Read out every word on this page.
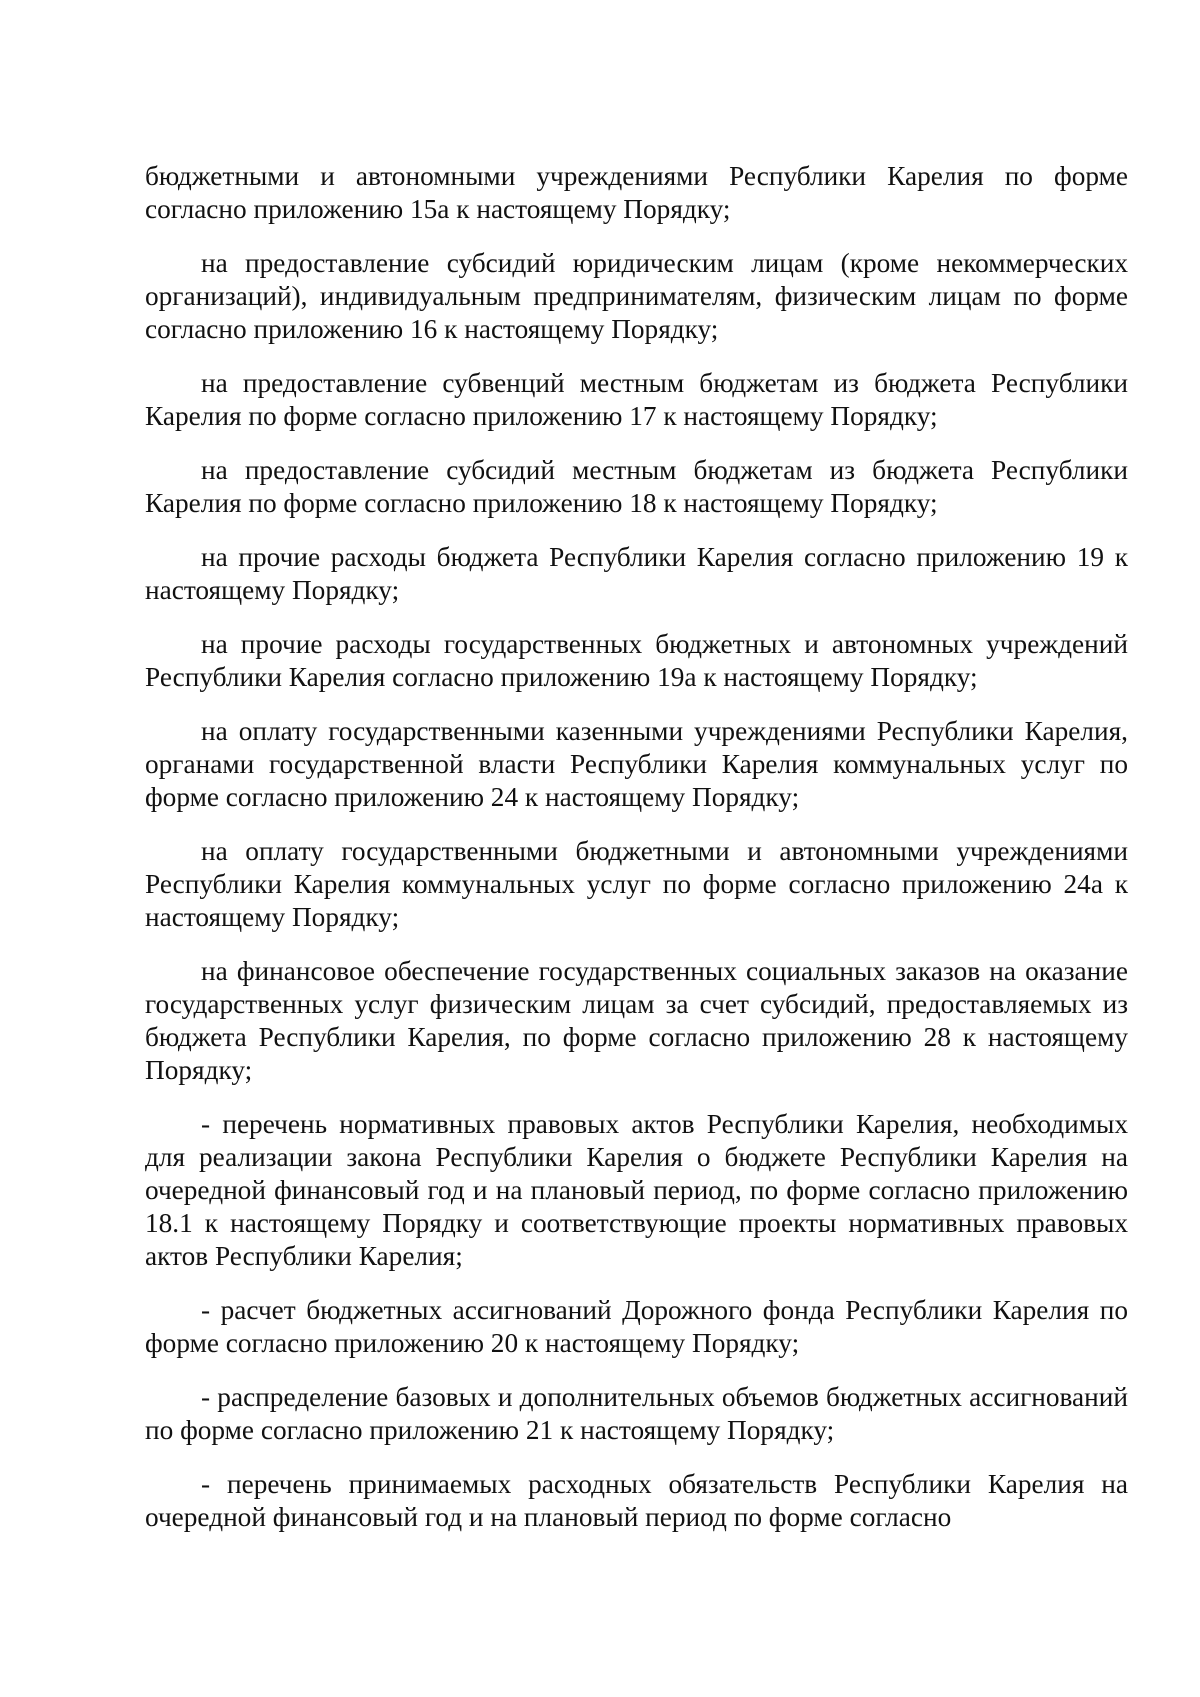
бюджетными и автономными учреждениями Республики Карелия по форме согласно приложению 15а к настоящему Порядку;

на предоставление субсидий юридическим лицам (кроме некоммерческих организаций), индивидуальным предпринимателям, физическим лицам по форме согласно приложению 16 к настоящему Порядку;

на предоставление субвенций местным бюджетам из бюджета Республики Карелия по форме согласно приложению 17 к настоящему Порядку;

на предоставление субсидий местным бюджетам из бюджета Республики Карелия по форме согласно приложению 18 к настоящему Порядку;

на прочие расходы бюджета Республики Карелия согласно приложению 19 к настоящему Порядку;

на прочие расходы государственных бюджетных и автономных учреждений Республики Карелия согласно приложению 19а к настоящему Порядку;

на оплату государственными казенными учреждениями Республики Карелия, органами государственной власти Республики Карелия коммунальных услуг по форме согласно приложению 24 к настоящему Порядку;

на оплату государственными бюджетными и автономными учреждениями Республики Карелия коммунальных услуг по форме согласно приложению 24а к настоящему Порядку;

на финансовое обеспечение государственных социальных заказов на оказание государственных услуг физическим лицам за счет субсидий, предоставляемых из бюджета Республики Карелия, по форме согласно приложению 28 к настоящему Порядку;

- перечень нормативных правовых актов Республики Карелия, необходимых для реализации закона Республики Карелия о бюджете Республики Карелия на очередной финансовый год и на плановый период, по форме согласно приложению 18.1 к настоящему Порядку и соответствующие проекты нормативных правовых актов Республики Карелия;

- расчет бюджетных ассигнований Дорожного фонда Республики Карелия по форме согласно приложению 20 к настоящему Порядку;

- распределение базовых и дополнительных объемов бюджетных ассигнований по форме согласно приложению 21 к настоящему Порядку;

- перечень принимаемых расходных обязательств Республики Карелия на очередной финансовый год и на плановый период по форме согласно
